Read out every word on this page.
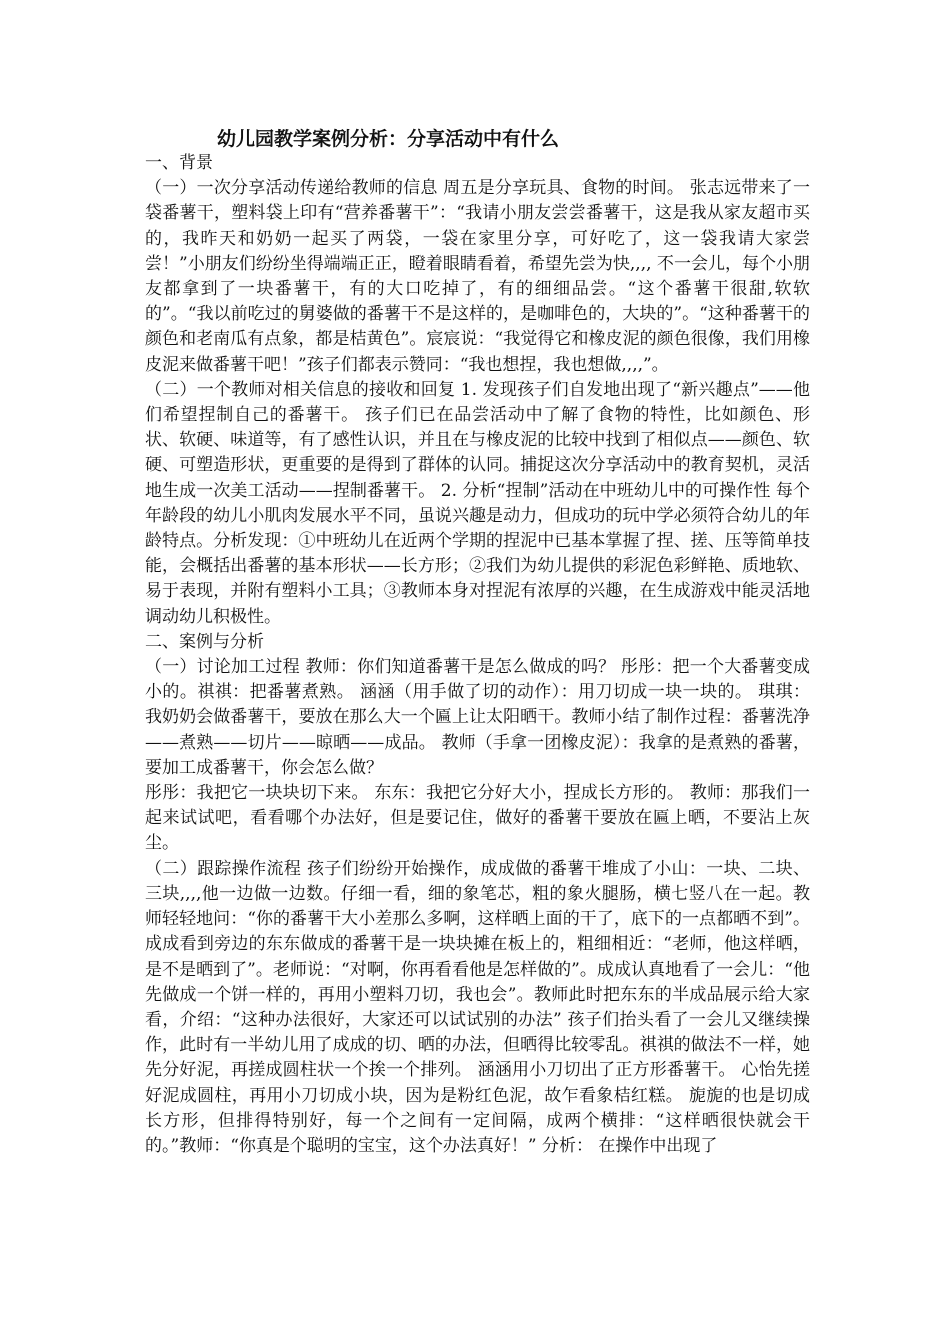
幼儿园教学案例分析：分享活动中有什么

一、背景

（一）一次分享活动传递给教师的信息 周五是分享玩具、食物的时间。 张志远带来了一袋番薯干，塑料袋上印有“营养番薯干”：“我请小朋友尝尝番薯干，这是我从家友超市买的，我昨天和奶奶一起买了两袋，一袋在家里分享，可好吃了，这一袋我请大家尝尝！”小朋友们纷纷坐得端端正正，瞪着眼睛看着，希望先尝为快,,,, 不一会儿，每个小朋友都拿到了一块番薯干，有的大口吃掉了，有的细细品尝。“这个番薯干很甜,软软的”。“我以前吃过的舅婆做的番薯干不是这样的，是咖啡色的，大块的”。“这种番薯干的颜色和老南瓜有点象，都是桔黄色”。宸宸说：“我觉得它和橡皮泥的颜色很像，我们用橡皮泥来做番薯干吧！”孩子们都表示赞同：“我也想捏，我也想做,,,,”。

（二）一个教师对相关信息的接收和回复 1. 发现孩子们自发地出现了“新兴趣点”——他们希望捏制自己的番薯干。 孩子们已在品尝活动中了解了食物的特性，比如颜色、形状、软硬、味道等，有了感性认识，并且在与橡皮泥的比较中找到了相似点——颜色、软硬、可塑造形状，更重要的是得到了群体的认同。捕捉这次分享活动中的教育契机，灵活地生成一次美工活动——捏制番薯干。 2. 分析“捏制”活动在中班幼儿中的可操作性 每个年龄段的幼儿小肌肉发展水平不同，虽说兴趣是动力，但成功的玩中学必须符合幼儿的年龄特点。分析发现：①中班幼儿在近两个学期的捏泥中已基本掌握了捏、搓、压等简单技能，会概括出番薯的基本形状——长方形；②我们为幼儿提供的彩泥色彩鲜艳、质地软、易于表现，并附有塑料小工具；③教师本身对捏泥有浓厚的兴趣，在生成游戏中能灵活地调动幼儿积极性。

二、案例与分析

（一）讨论加工过程 教师：你们知道番薯干是怎么做成的吗？ 彤彤：把一个大番薯变成小的。祺祺：把番薯煮熟。 涵涵（用手做了切的动作）：用刀切成一块一块的。 琪琪：我奶奶会做番薯干，要放在那么大一个匾上让太阳晒干。教师小结了制作过程：番薯洗净——煮熟——切片——晾晒——成品。 教师（手拿一团橡皮泥）：我拿的是煮熟的番薯，要加工成番薯干，你会怎么做？

彤彤：我把它一块块切下来。 东东：我把它分好大小，捏成长方形的。 教师：那我们一起来试试吧，看看哪个办法好，但是要记住，做好的番薯干要放在匾上晒，不要沾上灰尘。

（二）跟踪操作流程 孩子们纷纷开始操作，成成做的番薯干堆成了小山：一块、二块、三块,,,,他一边做一边数。仔细一看，细的象笔芯，粗的象火腿肠，横七竖八在一起。教师轻轻地问：“你的番薯干大小差那么多啊，这样晒上面的干了，底下的一点都晒不到”。 成成看到旁边的东东做成的番薯干是一块块摊在板上的，粗细相近：“老师，他这样晒，是不是晒到了”。老师说：“对啊，你再看看他是怎样做的”。成成认真地看了一会儿：“他先做成一个饼一样的，再用小塑料刀切，我也会”。教师此时把东东的半成品展示给大家看，介绍：“这种办法很好，大家还可以试试别的办法” 孩子们抬头看了一会儿又继续操作，此时有一半幼儿用了成成的切、晒的办法，但晒得比较零乱。祺祺的做法不一样，她先分好泥，再搓成圆柱状一个挨一个排列。 涵涵用小刀切出了正方形番薯干。 心怡先搓好泥成圆柱，再用小刀切成小块，因为是粉红色泥，故乍看象桔红糕。 旎旎的也是切成长方形，但排得特别好，每一个之间有一定间隔，成两个横排：“这样晒很快就会干的。”教师：“你真是个聪明的宝宝，这个办法真好！” 分析： 在操作中出现了
